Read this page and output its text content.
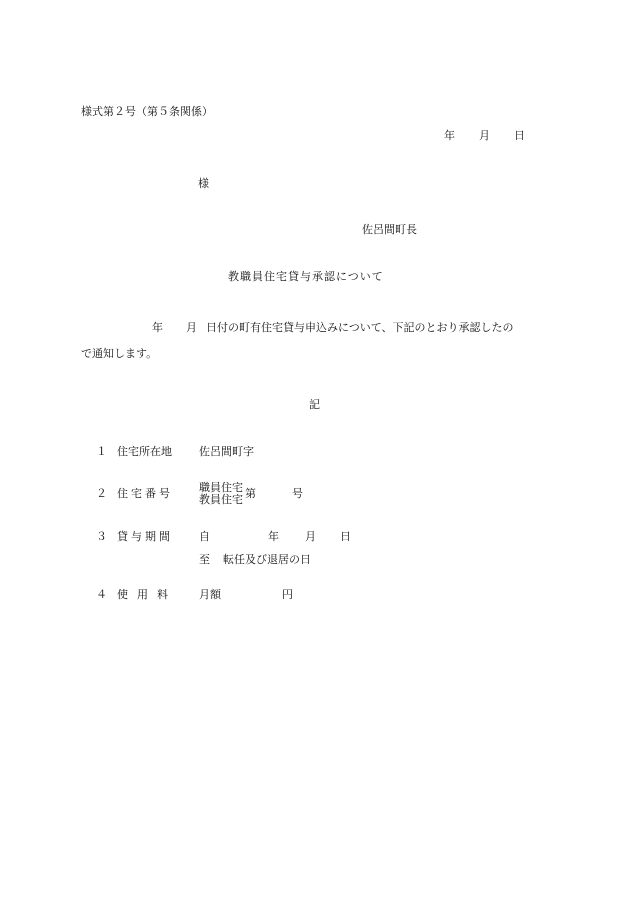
様式第２号（第５条関係）
年 月 日
様
佐呂間町長
教職員住宅貸与承認について
年 月 日付の町有住宅貸与申込みについて、下記のとおり承認したの
で通知します。
記
１ 住宅所在地 佐呂間町字
２ 住宅番号 職員住宅
教員住宅 第	号
３ 貸与期間 自	年 月 日
至 転任及び退居の日
４ 使用料 月額	円
